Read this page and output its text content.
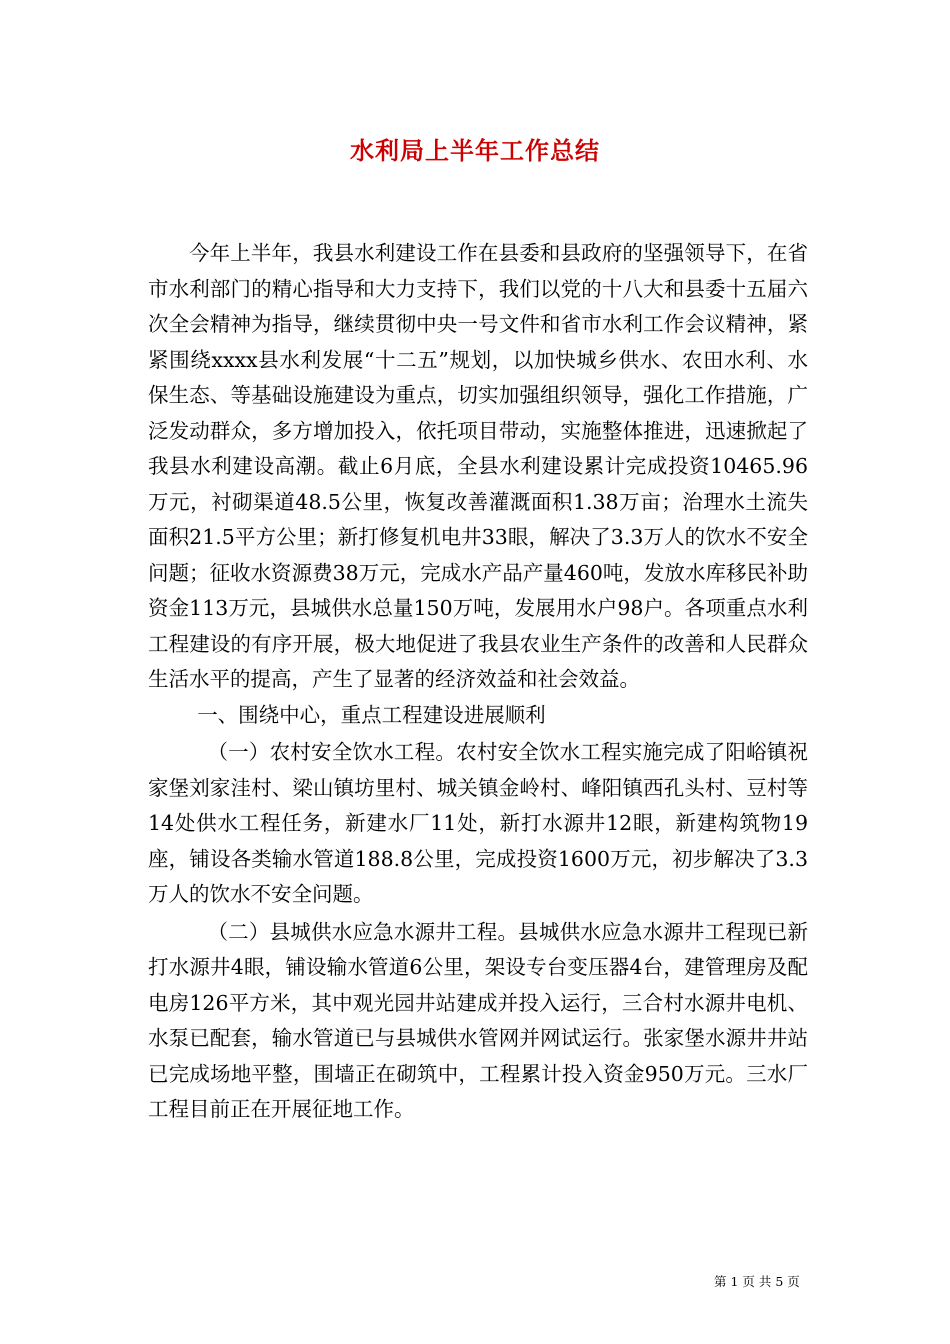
水利局上半年工作总结

今年上半年，我县水利建设工作在县委和县政府的坚强领导下，在省市水利部门的精心指导和大力支持下，我们以党的十八大和县委十五届六次全会精神为指导，继续贯彻中央一号文件和省市水利工作会议精神，紧紧围绕xxxx县水利发展“十二五”规划，以加快城乡供水、农田水利、水保生态、等基础设施建设为重点，切实加强组织领导，强化工作措施，广泛发动群众，多方增加投入，依托项目带动，实施整体推进，迅速掀起了我县水利建设高潮。截止6月底，全县水利建设累计完成投资10465.96万元，衬砌渠道48.5公里，恢复改善灌溉面积1.38万亩；治理水土流失面积21.5平方公里；新打修复机电井33眼，解决了3.3万人的饮水不安全问题；征收水资源费38万元，完成水产品产量460吨，发放水库移民补助资金113万元，县城供水总量150万吨，发展用水户98户。各项重点水利工程建设的有序开展，极大地促进了我县农业生产条件的改善和人民群众生活水平的提高，产生了显著的经济效益和社会效益。

一、围绕中心，重点工程建设进展顺利

（一）农村安全饮水工程。农村安全饮水工程实施完成了阳峪镇祝家堡刘家洼村、梁山镇坊里村、城关镇金岭村、峰阳镇西孔头村、豆村等14处供水工程任务，新建水厂11处，新打水源井12眼，新建构筑物19座，铺设各类输水管道188.8公里，完成投资1600万元，初步解决了3.3万人的饮水不安全问题。

（二）县城供水应急水源井工程。县城供水应急水源井工程现已新打水源井4眼，铺设输水管道6公里，架设专台变压器4台，建管理房及配电房126平方米，其中观光园井站建成并投入运行，三合村水源井电机、水泵已配套，输水管道已与县城供水管网并网试运行。张家堡水源井井站已完成场地平整，围墙正在砌筑中，工程累计投入资金950万元。三水厂工程目前正在开展征地工作。

第 1 页 共 5 页
